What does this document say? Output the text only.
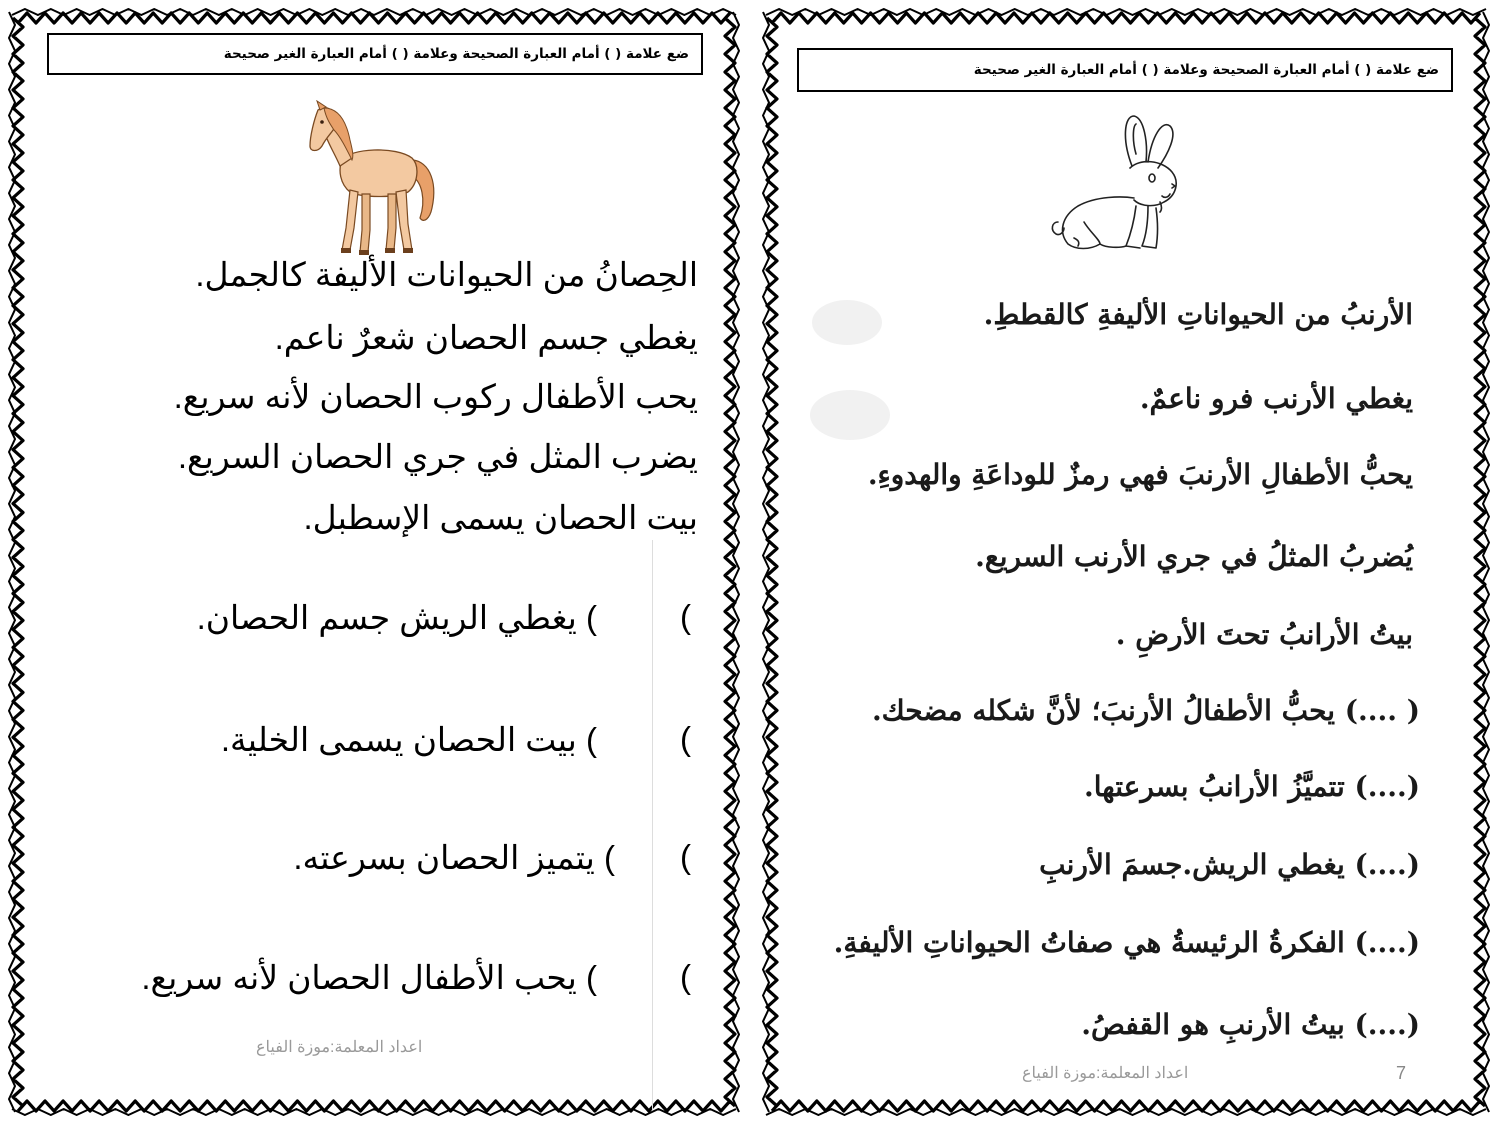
ضع علامة ( ) أمام العبارة الصحيحة وعلامة ( ) أمام العبارة الغير صحيحة
الحِصانُ من الحيوانات الأليفة كالجمل.
يغطي جسم الحصان شعرٌ ناعم.
يحب الأطفال ركوب الحصان لأنه سريع.
يضرب المثل في جري الحصان السريع.
بيت الحصان يسمى الإسطبل.
(
) يغطي الريش جسم الحصان.
(
) بيت الحصان يسمى الخلية.
(
) يتميز الحصان بسرعته.
(
) يحب الأطفال الحصان لأنه سريع.
اعداد المعلمة:موزة الفياع
ضع علامة ( ) أمام العبارة الصحيحة وعلامة ( ) أمام العبارة الغير صحيحة
الأرنبُ من الحيواناتِ الأليفةِ كالقططِ.
يغطي الأرنب فرو ناعمٌ.
يحبُّ الأطفالِ الأرنبَ فهي رمزٌ للوداعَةِ والهدوءِ.
يُضربُ المثلُ في جري الأرنب السريع.
بيتُ الأرانبُ تحتَ الأرضِ .
( ....) يحبُّ الأطفالُ الأرنبَ؛ لأنَّ شكله مضحك.
(....) تتميَّزُ الأرانبُ بسرعتها.
(....) يغطي الريش.جسمَ الأرنبِ
(....) الفكرةُ الرئيسةُ هي صفاتُ الحيواناتِ الأليفةِ.
(....) بيتُ الأرنبِ هو القفصُ.
اعداد المعلمة:موزة الفياع	7
